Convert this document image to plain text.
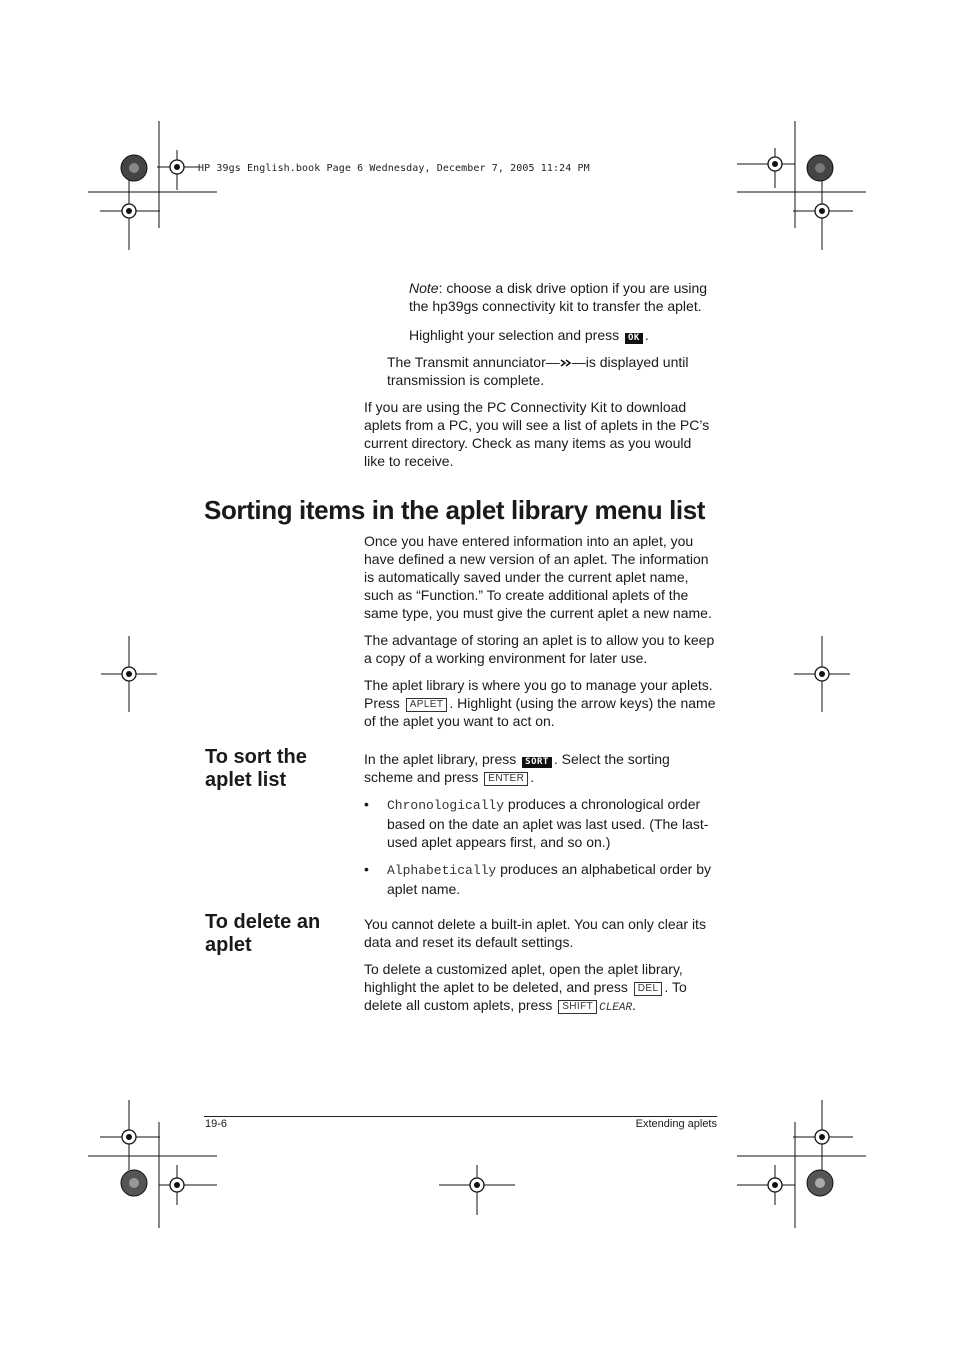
HP 39gs English.book Page 6 Wednesday, December 7, 2005 11:24 PM

Note: choose a disk drive option if you are using the hp39gs connectivity kit to transfer the aplet.

Highlight your selection and press OK .

The Transmit annunciator— —is displayed until transmission is complete.

If you are using the PC Connectivity Kit to download aplets from a PC, you will see a list of aplets in the PC’s current directory. Check as many items as you would like to receive.

Sorting items in the aplet library menu list

Once you have entered information into an aplet, you have defined a new version of an aplet. The information is automatically saved under the current aplet name, such as “Function.” To create additional aplets of the same type, you must give the current aplet a new name.

The advantage of storing an aplet is to allow you to keep a copy of a working environment for later use.

The aplet library is where you go to manage your aplets. Press APLET . Highlight (using the arrow keys) the name of the aplet you want to act on.

To sort the aplet list

In the aplet library, press SORT . Select the sorting scheme and press ENTER .

• Chronologically produces a chronological order based on the date an aplet was last used. (The last-used aplet appears first, and so on.)
• Alphabetically produces an alphabetical order by aplet name.
To delete an aplet

You cannot delete a built-in aplet. You can only clear its data and reset its default settings.

To delete a customized aplet, open the aplet library, highlight the aplet to be deleted, and press DEL . To delete all custom aplets, press SHIFT CLEAR.

19-6	Extending aplets
